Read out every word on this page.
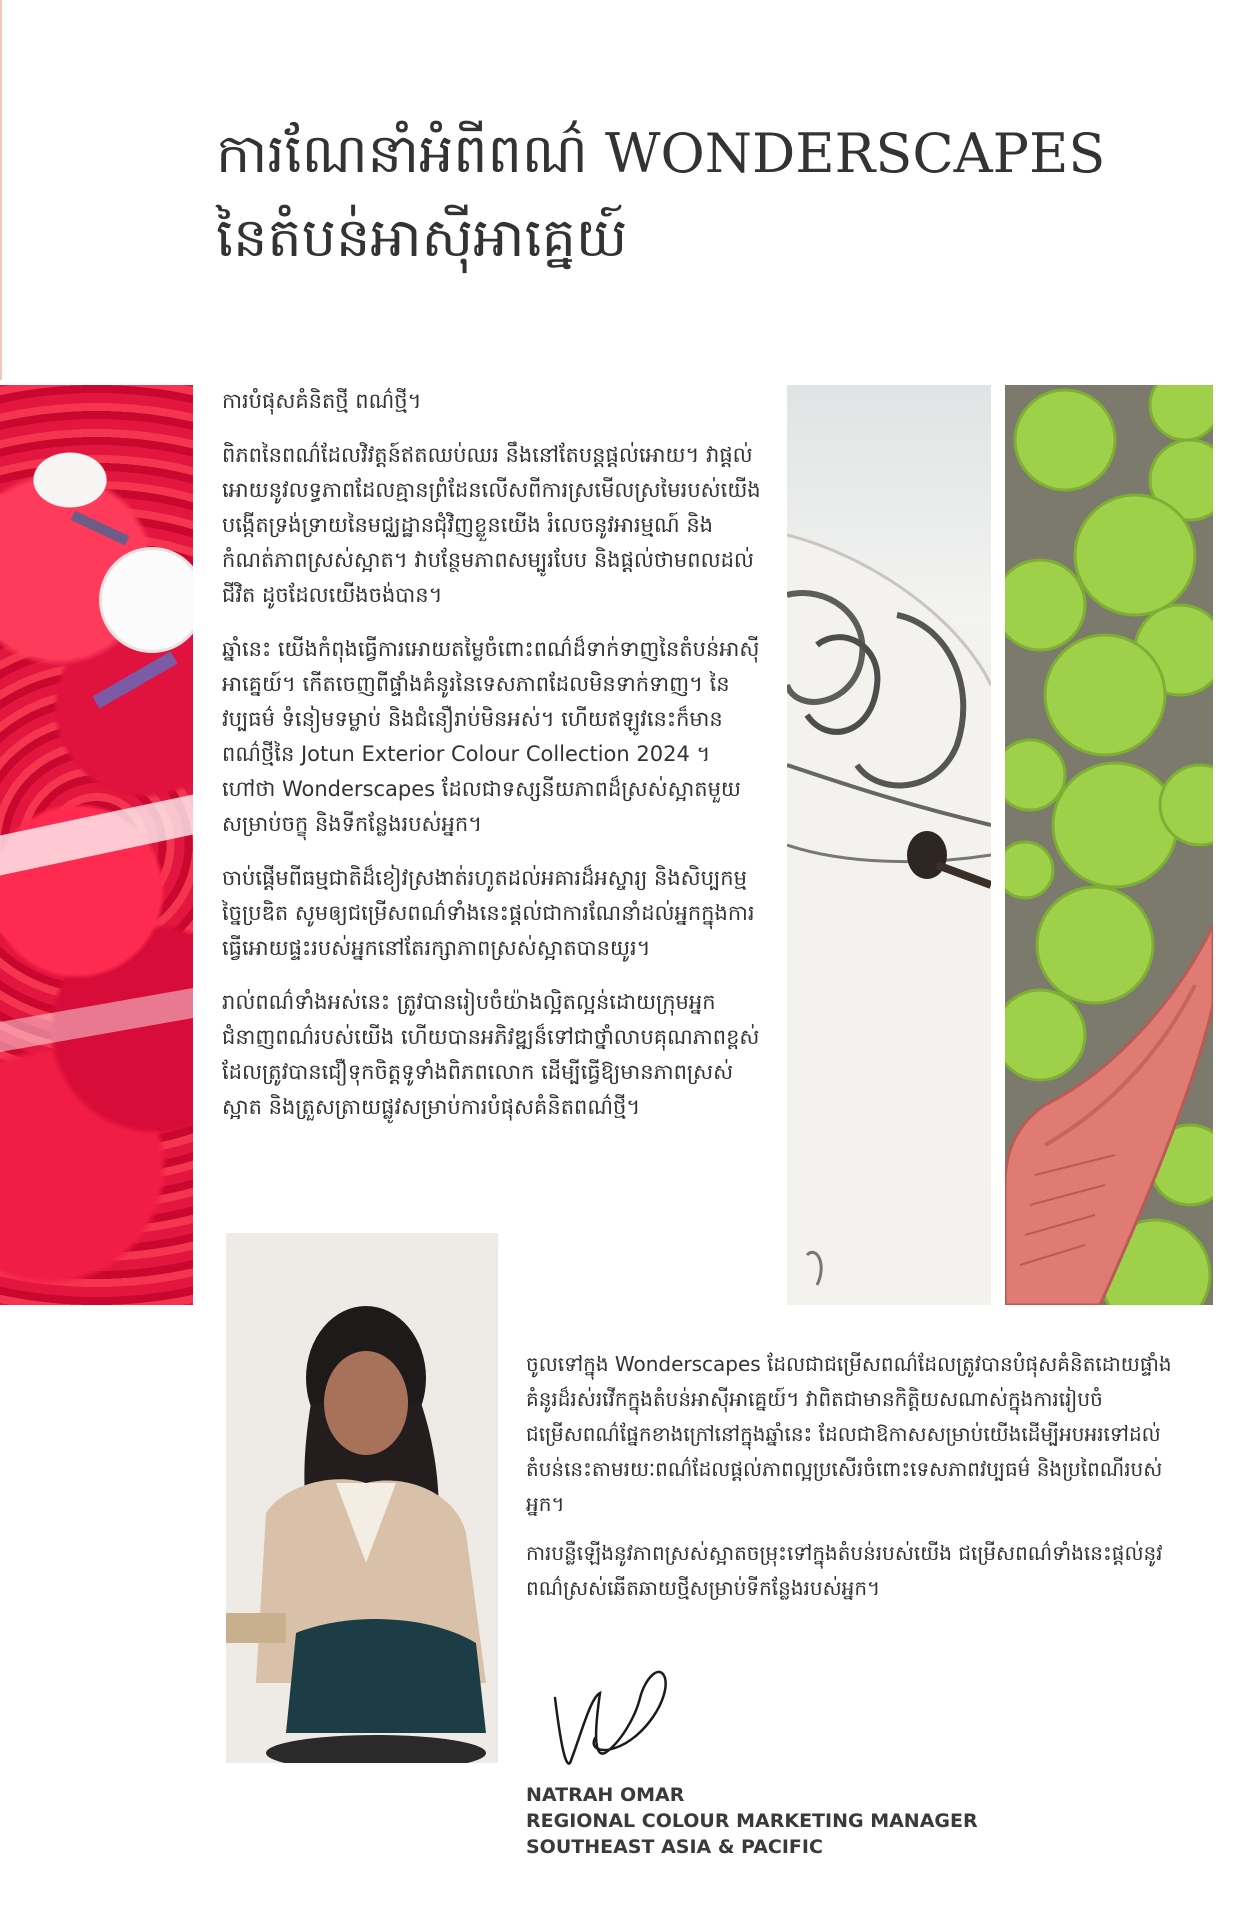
ការណែនាំអំពីពណ៌ WONDERSCAPES
នៃតំបន់អាស៊ីអាគ្នេយ៍

ការបំផុសគំនិតថ្មី ពណ៌ថ្មី។

ពិភពនៃពណ៌ដែលវិវត្តន៍ឥតឈប់ឈរ នឹងនៅតែបន្តផ្តល់អោយ។ វាផ្តល់អោយនូវលទ្ធភាពដែលគ្មានព្រំដែនលើសពីការស្រមើលស្រមៃរបស់យើង បង្កើតទ្រង់ទ្រាយនៃមជ្ឈដ្ឋានជុំវិញខ្លួនយើង រំលេចនូវអារម្មណ៍ និងកំណត់ភាពស្រស់ស្អាត។ វាបន្ថែមភាពសម្បូរបែប និងផ្តល់ថាមពលដល់ជីវិត ដូចដែលយើងចង់បាន។

ឆ្នាំនេះ យើងកំពុងធ្វើការអោយតម្លៃចំពោះពណ៌ដ៏ទាក់ទាញនៃតំបន់អាស៊ីអាគ្នេយ៍។ កើតចេញពីផ្ទាំងគំនូរនៃទេសភាពដែលមិនទាក់ទាញ។ នៃវប្បធម៌ ទំនៀមទម្លាប់ និងជំនឿរាប់មិនអស់។ ហើយឥឡូវនេះក៏មាន ពណ៌ថ្មីនៃ Jotun Exterior Colour Collection 2024 ។ ហៅថា Wonderscapes ដែលជាទស្សនីយភាពដ៏ស្រស់ស្អាតមួយសម្រាប់ចក្ខុ និងទីកន្លែងរបស់អ្នក។

ចាប់ផ្តើមពីធម្មជាតិដ៏ខៀវស្រងាត់រហូតដល់អគារដ៏អស្ចារ្យ និងសិប្បកម្មច្នៃប្រឌិត សូមឲ្យជម្រើសពណ៌ទាំងនេះផ្តល់ជាការណែនាំដល់អ្នកក្នុងការធ្វើអោយផ្ទះរបស់អ្នកនៅតែរក្សាភាពស្រស់ស្អាតបានយូរ។

រាល់ពណ៌ទាំងអស់នេះ ត្រូវបានរៀបចំយ៉ាងល្អិតល្អន់ដោយក្រុមអ្នកជំនាញពណ៌របស់យើង ហើយបានអភិវឌ្ឍន៏ទៅជាថ្នាំលាបគុណភាពខ្ពស់ ដែលត្រូវបានជឿទុកចិត្តទូទាំងពិភពលោក ដើម្បីធ្វើឱ្យមានភាពស្រស់ស្អាត និងត្រួសត្រាយផ្លូវសម្រាប់ការបំផុសគំនិតពណ៌ថ្មី។

ចូលទៅក្នុង Wonderscapes ដែលជាជម្រើសពណ៌ដែលត្រូវបានបំផុសគំនិតដោយផ្ទាំងគំនូរដ៏រស់រវើកក្នុងតំបន់អាស៊ីអាគ្នេយ៍។ វាពិតជាមានកិត្តិយសណាស់ក្នុងការរៀបចំជម្រើសពណ៌ផ្នែកខាងក្រៅនៅក្នុងឆ្នាំនេះ ដែលជាឱកាសសម្រាប់យើងដើម្បីអបអរទៅដល់តំបន់នេះតាមរយៈពណ៌ដែលផ្តល់ភាពល្អប្រសើរចំពោះទេសភាពវប្បធម៌ និងប្រពៃណីរបស់អ្នក។

ការបន្លឺឡើងនូវភាពស្រស់ស្អាតចម្រុះទៅក្នុងតំបន់របស់យើង ជម្រើសពណ៌ទាំងនេះផ្តល់នូវពណ៌ស្រស់ឆើតឆាយថ្មីសម្រាប់ទីកន្លែងរបស់អ្នក។

NATRAH OMAR
REGIONAL COLOUR MARKETING MANAGER
SOUTHEAST ASIA & PACIFIC
